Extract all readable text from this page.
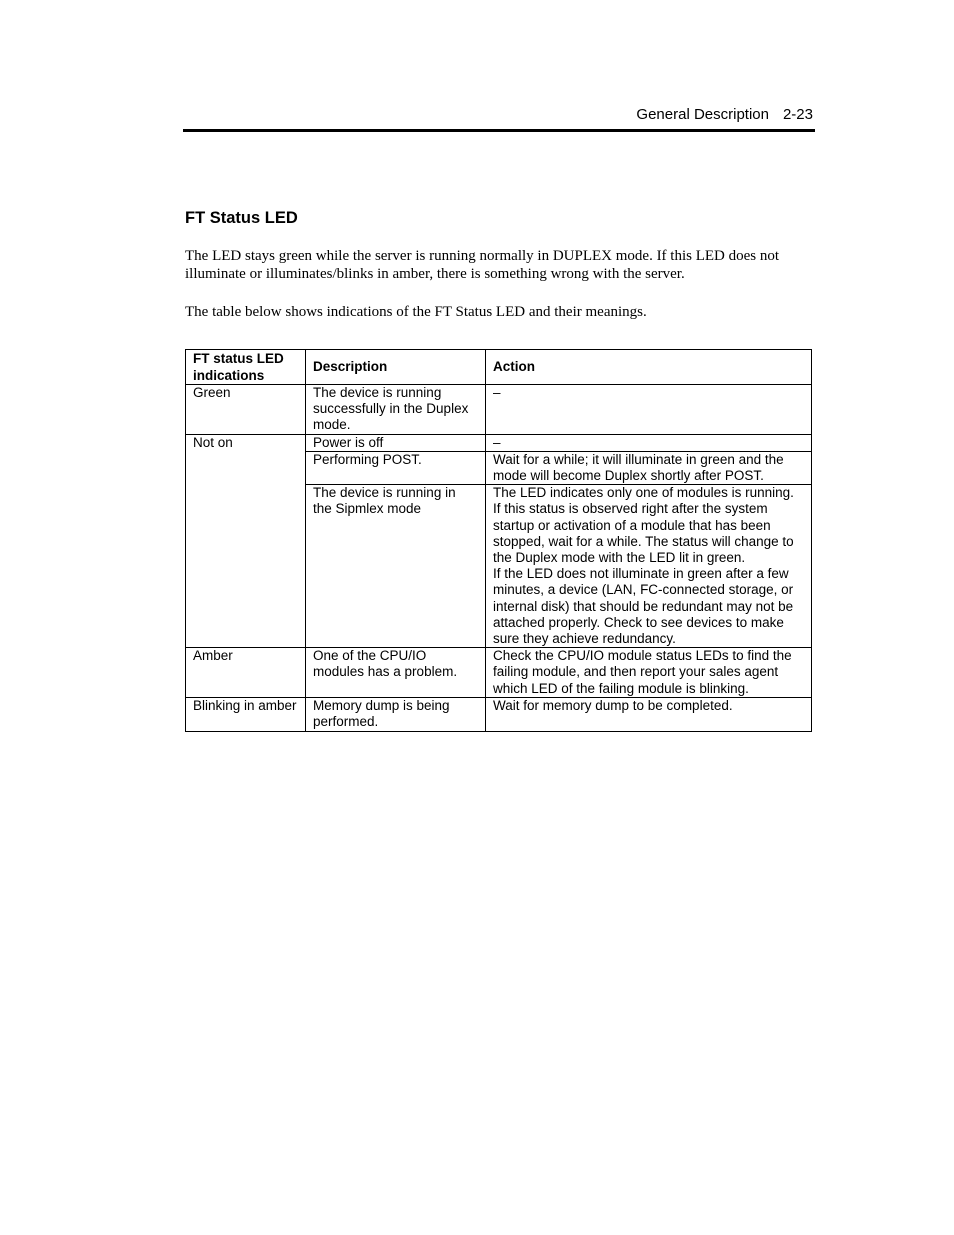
General Description 2-23
FT Status LED

The LED stays green while the server is running normally in DUPLEX mode. If this LED does not illuminate or illuminates/blinks in amber, there is something wrong with the server.

The table below shows indications of the FT Status LED and their meanings.

FT status LED indications	Description	Action
Green	The device is running successfully in the Duplex mode.	–
Not on	Power is off	–
	Performing POST.	Wait for a while; it will illuminate in green and the mode will become Duplex shortly after POST.
	The device is running in the Sipmlex mode	The LED indicates only one of modules is running. If this status is observed right after the system startup or activation of a module that has been stopped, wait for a while. The status will change to the Duplex mode with the LED lit in green.
If the LED does not illuminate in green after a few minutes, a device (LAN, FC-connected storage, or internal disk) that should be redundant may not be attached properly. Check to see devices to make sure they achieve redundancy.

Amber	One of the CPU/IO modules has a problem.	Check the CPU/IO module status LEDs to find the failing module, and then report your sales agent which LED of the failing module is blinking.
Blinking in amber	Memory dump is being performed.	Wait for memory dump to be completed.
